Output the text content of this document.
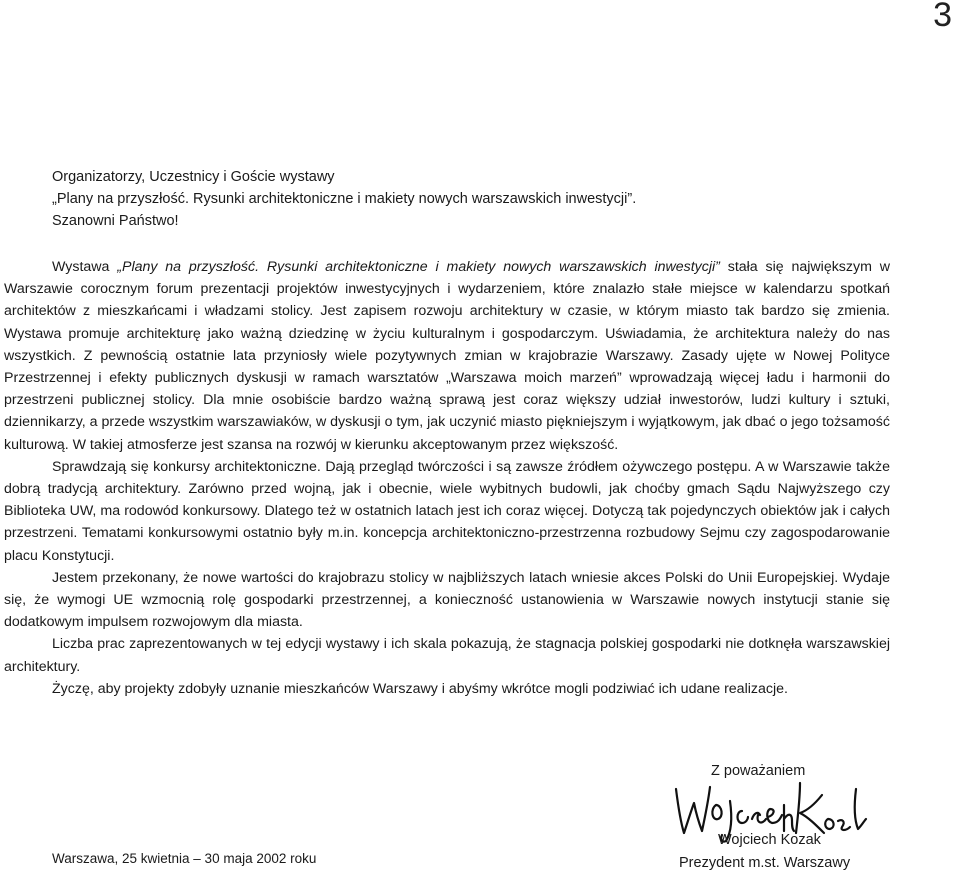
3
Organizatorzy, Uczestnicy i Goście wystawy
„Plany na przyszłość. Rysunki architektoniczne i makiety nowych warszawskich inwestycji”.
Szanowni Państwo!

Wystawa „Plany na przyszłość. Rysunki architektoniczne i makiety nowych warszawskich inwestycji” stała się największym w Warszawie corocznym forum prezentacji projektów inwestycyjnych i wydarzeniem, które znalazło stałe miejsce w kalendarzu spotkań architektów z mieszkańcami i władzami stolicy. Jest zapisem rozwoju architektury w czasie, w którym miasto tak bardzo się zmienia. Wystawa promuje architekturę jako ważną dziedzinę w życiu kulturalnym i gospodarczym. Uświadamia, że architektura należy do nas wszystkich. Z pewnością ostatnie lata przyniosły wiele pozytywnych zmian w krajobrazie Warszawy. Zasady ujęte w Nowej Polityce Przestrzennej i efekty publicznych dyskusji w ramach warsztatów „Warszawa moich marzeń” wprowadzają więcej ładu i harmonii do przestrzeni publicznej stolicy. Dla mnie osobiście bardzo ważną sprawą jest coraz większy udział inwestorów, ludzi kultury i sztuki, dziennikarzy, a przede wszystkim warszawiaków, w dyskusji o tym, jak uczynić miasto piękniejszym i wyjątkowym, jak dbać o jego tożsamość kulturową. W takiej atmosferze jest szansa na rozwój w kierunku akceptowanym przez większość.

Sprawdzają się konkursy architektoniczne. Dają przegląd twórczości i są zawsze źródłem ożywczego postępu. A w Warszawie także dobrą tradycją architektury. Zarówno przed wojną, jak i obecnie, wiele wybitnych budowli, jak choćby gmach Sądu Najwyższego czy Biblioteka UW, ma rodowód konkursowy. Dlatego też w ostatnich latach jest ich coraz więcej. Dotyczą tak pojedynczych obiektów jak i całych przestrzeni. Tematami konkursowymi ostatnio były m.in. koncepcja architektoniczno-przestrzenna rozbudowy Sejmu czy zagospodarowanie placu Konstytucji.

Jestem przekonany, że nowe wartości do krajobrazu stolicy w najbliższych latach wniesie akces Polski do Unii Europejskiej. Wydaje się, że wymogi UE wzmocnią rolę gospodarki przestrzennej, a konieczność ustanowienia w Warszawie nowych instytucji stanie się dodatkowym impulsem rozwojowym dla miasta.

Liczba prac zaprezentowanych w tej edycji wystawy i ich skala pokazują, że stagnacja polskiej gospodarki nie dotknęła warszawskiej architektury.

Życzę, aby projekty zdobyły uznanie mieszkańców Warszawy i abyśmy wkrótce mogli podziwiać ich udane realizacje.

Z poważaniem
Wojciech Kozak
Prezydent m.st. Warszawy
Warszawa, 25 kwietnia – 30 maja 2002 roku
